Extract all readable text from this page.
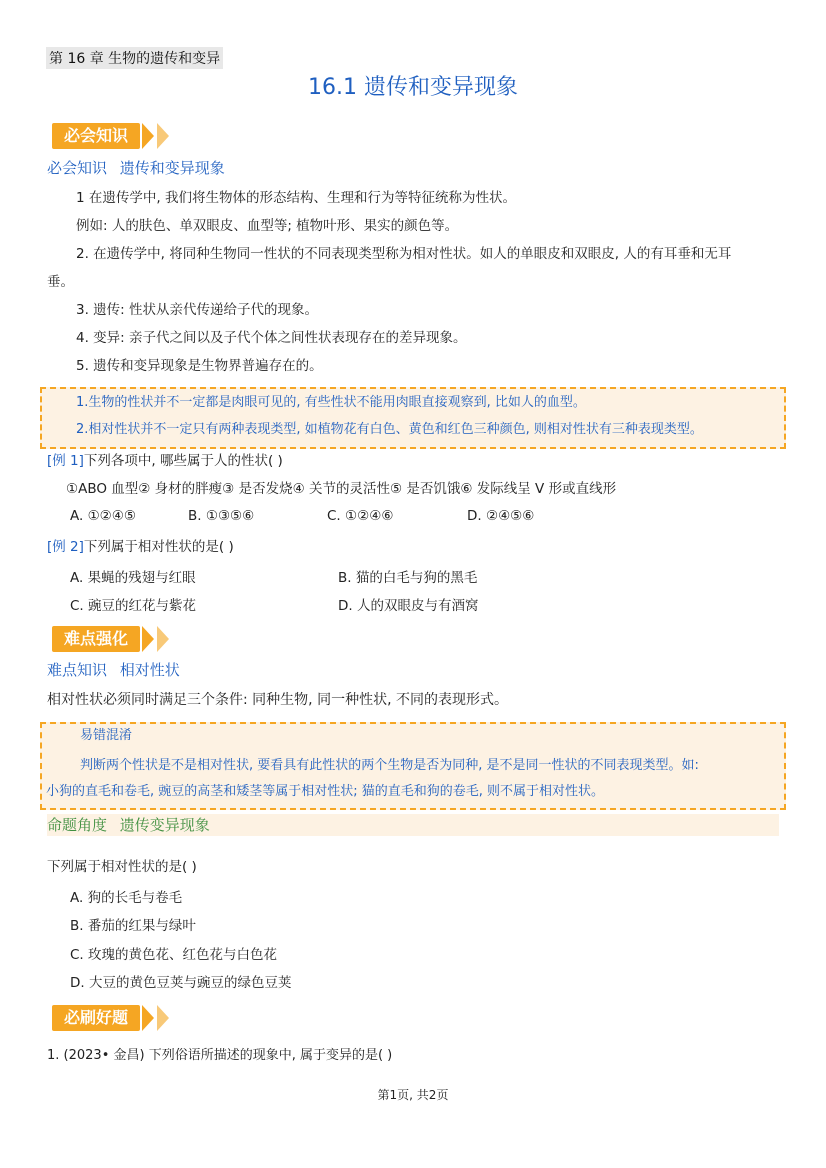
第 16 章 生物的遗传和变异
16.1 遗传和变异现象
必会知识
必会知识 遗传和变异现象
1 在遗传学中, 我们将生物体的形态结构、生理和行为等特征统称为性状。
例如: 人的肤色、单双眼皮、血型等; 植物叶形、果实的颜色等。
2. 在遗传学中, 将同种生物同一性状的不同表现类型称为相对性状。如人的单眼皮和双眼皮, 人的有耳垂和无耳
垂。
3. 遗传: 性状从亲代传递给子代的现象。
4. 变异: 亲子代之间以及子代个体之间性状表现存在的差异现象。
5. 遗传和变异现象是生物界普遍存在的。
1.生物的性状并不一定都是肉眼可见的, 有些性状不能用肉眼直接观察到, 比如人的血型。
2.相对性状并不一定只有两种表现类型, 如植物花有白色、黄色和红色三种颜色, 则相对性状有三种表现类型。
[例 1]下列各项中, 哪些属于人的性状( )
①ABO 血型② 身材的胖瘦③ 是否发烧④ 关节的灵活性⑤ 是否饥饿⑥ 发际线呈 V 形或直线形
A. ①②④⑤	B. ①③⑤⑥	C. ①②④⑥	D. ②④⑤⑥
[例 2]下列属于相对性状的是( )
A. 果蝇的残翅与红眼	B. 猫的白毛与狗的黑毛
C. 豌豆的红花与紫花	D. 人的双眼皮与有酒窝
难点强化
难点知识 相对性状
相对性状必须同时满足三个条件: 同种生物, 同一种性状, 不同的表现形式。
易错混淆
判断两个性状是不是相对性状, 要看具有此性状的两个生物是否为同种, 是不是同一性状的不同表现类型。如:
小狗的直毛和卷毛, 豌豆的高茎和矮茎等属于相对性状; 猫的直毛和狗的卷毛, 则不属于相对性状。
命题角度 遗传变异现象
下列属于相对性状的是( )
A. 狗的长毛与卷毛
B. 番茄的红果与绿叶
C. 玫瑰的黄色花、红色花与白色花
D. 大豆的黄色豆荚与豌豆的绿色豆荚
必刷好题
1. (2023• 金昌) 下列俗语所描述的现象中, 属于变异的是( )
第1页, 共2页
